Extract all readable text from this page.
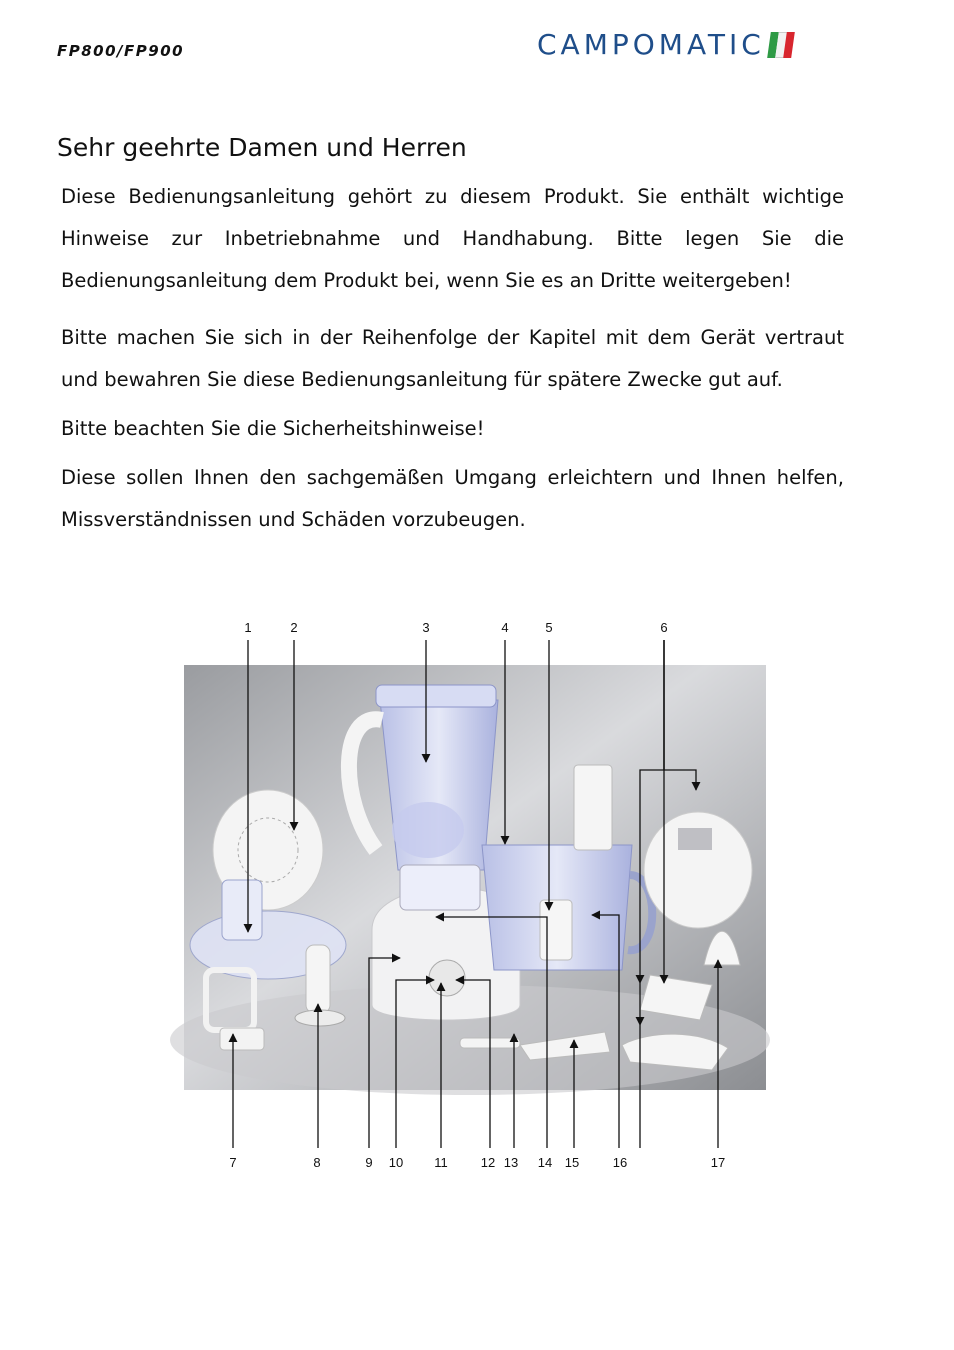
FP800/FP900	CAMPOMATIC
Sehr geehrte Damen und Herren

Diese Bedienungsanleitung gehört zu diesem Produkt. Sie enthält wichtige Hinweise zur Inbetriebnahme und Handhabung. Bitte legen Sie die Bedienungsanleitung dem Produkt bei, wenn Sie es an Dritte weitergeben!

Bitte machen Sie sich in der Reihenfolge der Kapitel mit dem Gerät vertraut und bewahren Sie diese Bedienungsanleitung für spätere Zwecke gut auf.

Bitte beachten Sie die Sicherheitshinweise!

Diese sollen Ihnen den sachgemäßen Umgang erleichtern und Ihnen helfen, Missverständnissen und Schäden vorzubeugen.

1	2	3	4	5	6
7	8	9 10 11	12 13 14 15	16	17
